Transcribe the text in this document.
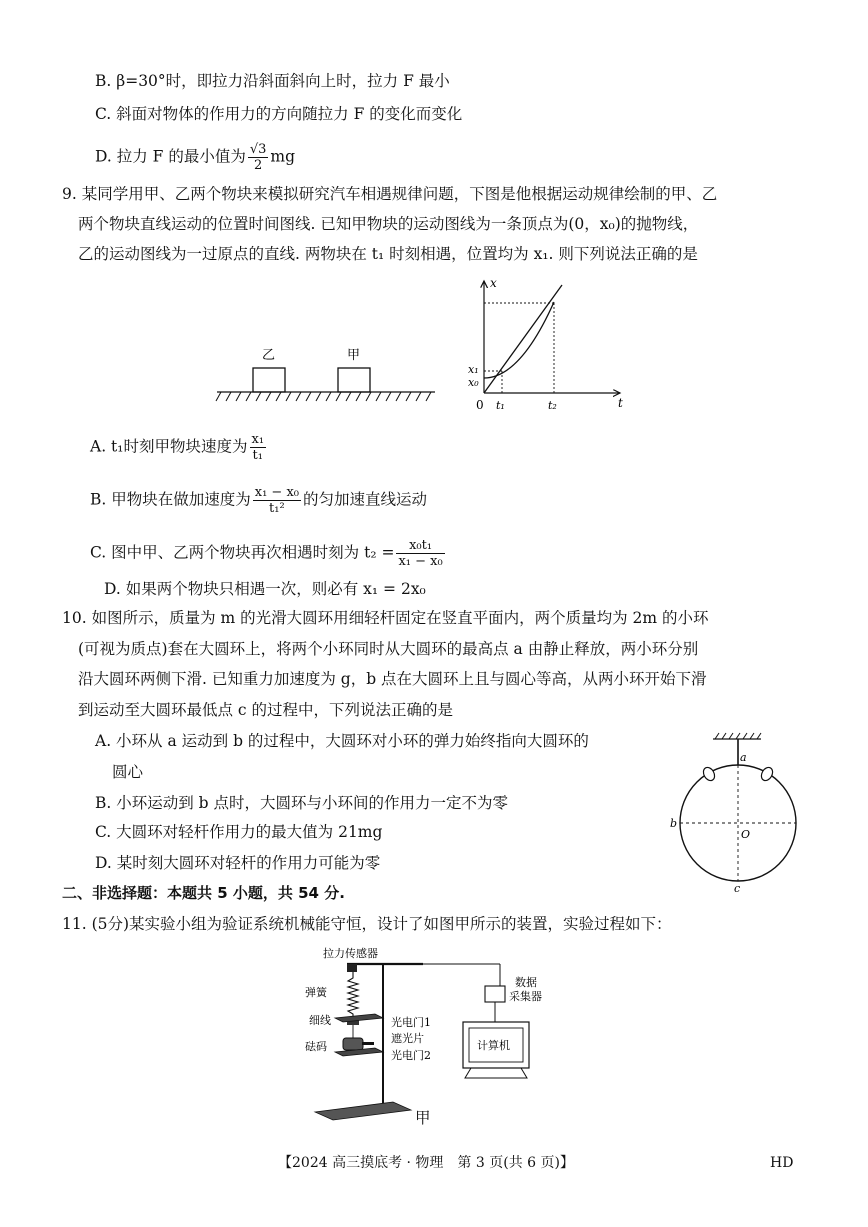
B. β=30°时，即拉力沿斜面斜向上时，拉力 F 最小
C. 斜面对物体的作用力的方向随拉力 F 的变化而变化
D. 拉力 F 的最小值为 $\frac{√3}{2}$ mg
9. 某同学用甲、乙两个物块来模拟研究汽车相遇规律问题，下图是他根据运动规律绘制的甲、乙
两个物块直线运动的位置时间图线. 已知甲物块的运动图线为一条顶点为(0，x₀)的抛物线，
乙的运动图线为一过原点的直线. 两物块在 t₁ 时刻相遇，位置均为 x₁. 则下列说法正确的是
乙	甲
x
t
0 t₁	t₂
x₁
x₀
A. t₁时刻甲物块速度为 $\frac{\text{x₁}}{\text{t₁}}$
B. 甲物块在做加速度为 $\frac{\text{x₁ − x₀}}{\text{t₁²}}$ 的匀加速直线运动
C. 图中甲、乙两个物块再次相遇时刻为 $t_2 = \frac{\text{x₀t₁}}{\text{x₁ − x₀}}$
D. 如果两个物块只相遇一次，则必有 x₁ = 2x₀
10. 如图所示，质量为 m 的光滑大圆环用细轻杆固定在竖直平面内，两个质量均为 2m 的小环
(可视为质点)套在大圆环上，将两个小环同时从大圆环的最高点 a 由静止释放，两小环分别
沿大圆环两侧下滑. 已知重力加速度为 g，b 点在大圆环上且与圆心等高，从两小环开始下滑
到运动至大圆环最低点 c 的过程中，下列说法正确的是
A. 小环从 a 运动到 b 的过程中，大圆环对小环的弹力始终指向大圆环的
圆心
B. 小环运动到 b 点时，大圆环与小环间的作用力一定不为零
C. 大圆环对轻杆作用力的最大值为 21mg
D. 某时刻大圆环对轻杆的作用力可能为零
a
b
O
c
二、非选择题：本题共 5 小题，共 54 分.
11. (5分)某实验小组为验证系统机械能守恒，设计了如图甲所示的装置，实验过程如下：
拉力传感器
弹簧
细线
砝码
光电门1
遮光片
光电门2
数据
采集器
计算机
甲
【2024 高三摸底考 · 物理　第 3 页(共 6 页)】	HD
